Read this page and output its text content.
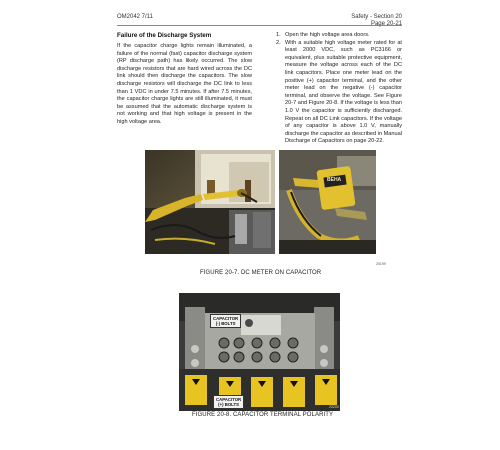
OM2042 7/11	Safety - Section 20
Page 20-21
Failure of the Discharge System
If the capacitor charge lights remain illuminated, a failure of the normal (fast) capacitor discharge system (RP discharge path) has likely occurred. The slow discharge resistors that are hard wired across the DC link should then discharge the capacitors. The slow discharge resistors will discharge the DC link to less than 1 VDC in under 7.5 minutes. If after 7.5 minutes, the capacitor charge lights are still illuminated, it must be assumed that the automatic discharge system is not working and that high voltage is present in the high voltage area.
1. Open the high voltage area doors.
2. With a suitable high voltage meter rated for at least 2000 VDC, such as PC3166 or equivalent, plus suitable protective equipment, measure the voltage across each of the DC link capacitors. Place one meter lead on the positive (+) capacitor terminal, and the other meter lead on the negative (-) capacitor terminal, and observe the voltage. See Figure 20-7 and Figure 20-8. If the voltage is less than 1.0 V the capacitor is sufficiently discharged. Repeat on all DC Link capacitors. If the voltage of any capacitor is above 1.0 V, manually discharge the capacitor as described in Manual Discharge of Capacitors on page 20-22.
BEHA
20199
FIGURE 20-7. DC METER ON CAPACITOR
CAPACITOR
(-) BOLTS
CAPACITOR
(+) BOLTS	20200
FIGURE 20-8. CAPACITOR TERMINAL POLARITY
